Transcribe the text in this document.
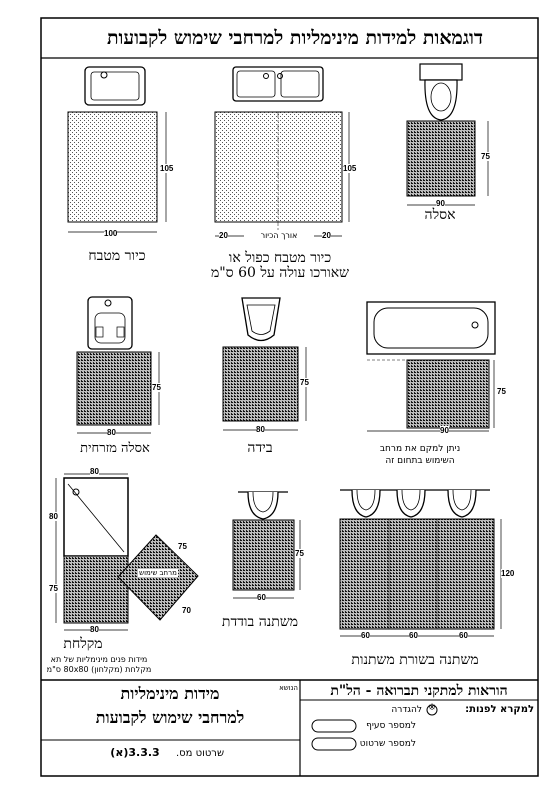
דוגמאות למידות מינימליות למרחבי שימוש לקבועות
100
105
כיור מטבח
20	אורך הכיור	20
105
כיור מטבח כפול או
שאורכו עולה על 60 ס"מ
75
90
אסלה
75
80
אסלה מזרחית
75
80
בידה
75
90
ניתן למקם את מרחב
השימוש בתחום זה
80
80
75
80
75
70
מרחב שימוש
מקלחת
מידות פנים מינימליות של תא
מקלחת (מקלחון) 80x80 ס"מ
75
60
משתנה בודדת
60	60	60
120
משתנה בשורת משתנות
הנושא
מידות מינימליות
למרחבי שימוש לקבועות
שרטוט מס.
3.3.3(א)
הוראות למתקני תברואה - הל"ת
למקרא לפנות:
※
להגדרה
למספר סעיף
למספר שרטוט
